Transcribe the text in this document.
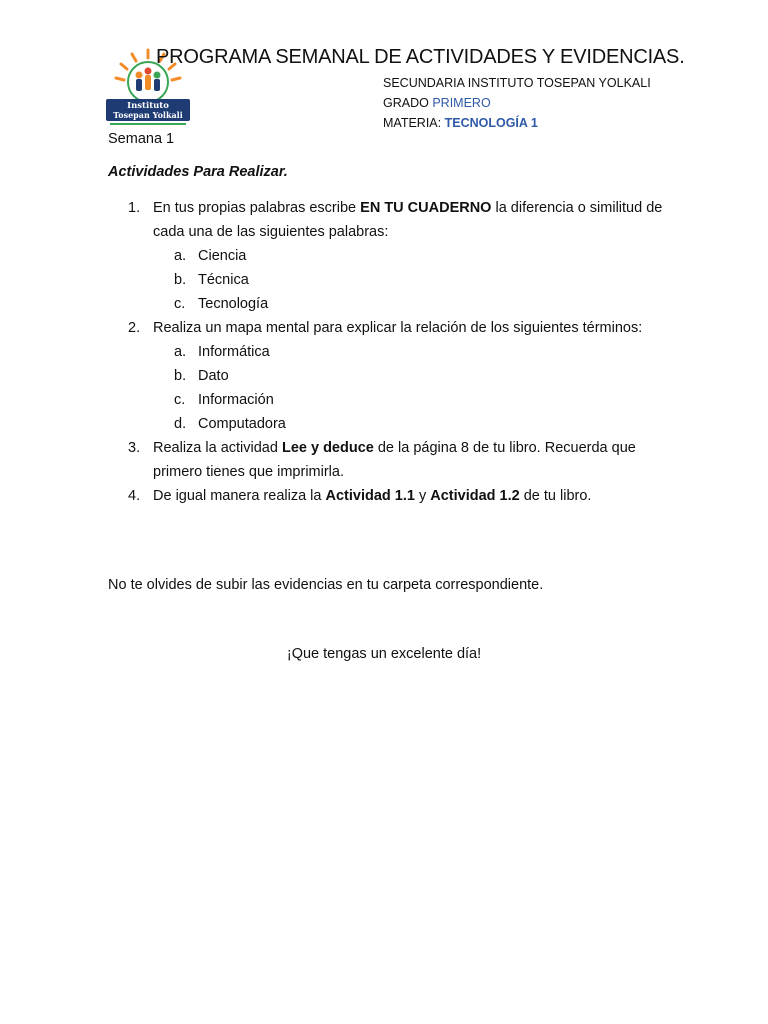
Instituto
Tosepan Yolkali
PROGRAMA SEMANAL DE ACTIVIDADES Y EVIDENCIAS.
SECUNDARIA INSTITUTO TOSEPAN YOLKALI
GRADO PRIMERO
MATERIA: TECNOLOGÍA 1
Semana 1
Actividades Para Realizar.
1. En tus propias palabras escribe EN TU CUADERNO la diferencia o similitud de cada una de las siguientes palabras:
a. Ciencia
b. Técnica
c. Tecnología
2. Realiza un mapa mental para explicar la relación de los siguientes términos:
a. Informática
b. Dato
c. Información
d. Computadora
3. Realiza la actividad Lee y deduce de la página 8 de tu libro. Recuerda que primero tienes que imprimirla.
4. De igual manera realiza la Actividad 1.1 y Actividad 1.2 de tu libro.
No te olvides de subir las evidencias en tu carpeta correspondiente.
¡Que tengas un excelente día!
